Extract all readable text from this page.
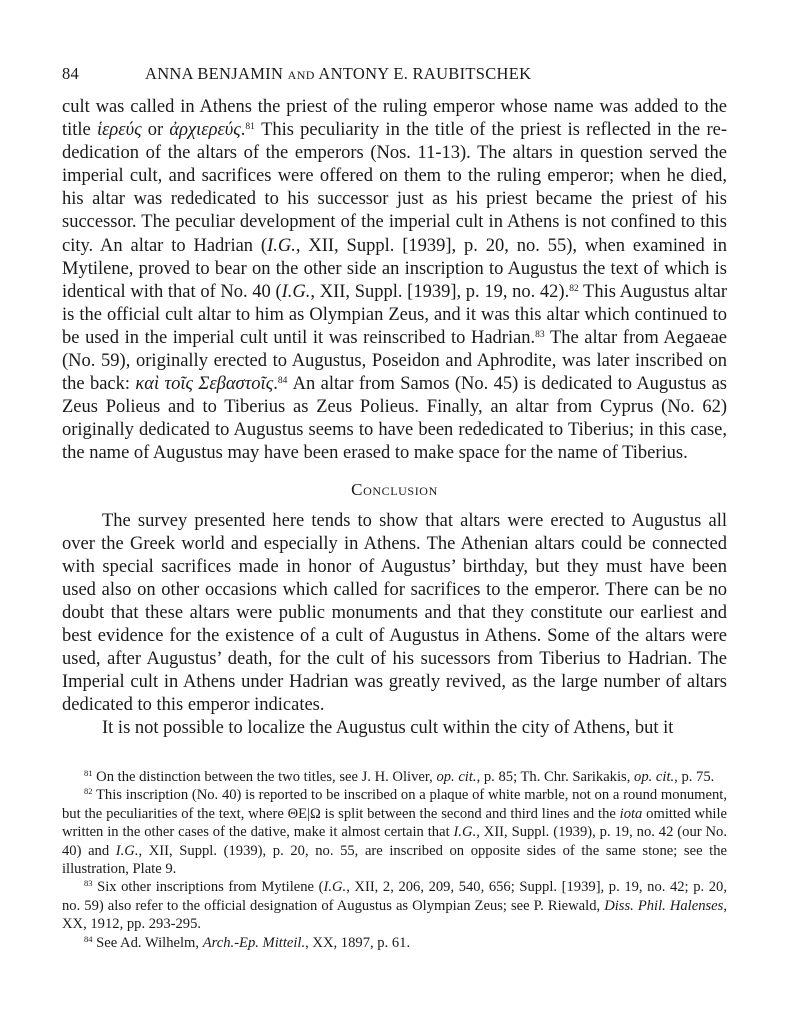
84	ANNA BENJAMIN AND ANTONY E. RAUBITSCHEK

cult was called in Athens the priest of the ruling emperor whose name was added to the title ἱερεύς or ἀρχιερεύς.$^{81}$ This peculiarity in the title of the priest is reflected in the re-dedication of the altars of the emperors (Nos. 11-13). The altars in question served the imperial cult, and sacrifices were offered on them to the ruling emperor; when he died, his altar was rededicated to his successor just as his priest became the priest of his successor. The peculiar development of the imperial cult in Athens is not confined to this city. An altar to Hadrian (I.G., XII, Suppl. [1939], p. 20, no. 55), when examined in Mytilene, proved to bear on the other side an inscription to Augustus the text of which is identical with that of No. 40 (I.G., XII, Suppl. [1939], p. 19, no. 42).$^{82}$ This Augustus altar is the official cult altar to him as Olympian Zeus, and it was this altar which continued to be used in the imperial cult until it was reinscribed to Hadrian.$^{83}$ The altar from Aegaeae (No. 59), originally erected to Augustus, Poseidon and Aphrodite, was later inscribed on the back: καὶ τοῖς Σεβαστοῖς.$^{84}$ An altar from Samos (No. 45) is dedicated to Augustus as Zeus Polieus and to Tiberius as Zeus Polieus. Finally, an altar from Cyprus (No. 62) originally dedicated to Augustus seems to have been rededicated to Tiberius; in this case, the name of Augustus may have been erased to make space for the name of Tiberius.

Conclusion

The survey presented here tends to show that altars were erected to Augustus all over the Greek world and especially in Athens. The Athenian altars could be connected with special sacrifices made in honor of Augustus’ birthday, but they must have been used also on other occasions which called for sacrifices to the emperor. There can be no doubt that these altars were public monuments and that they constitute our earliest and best evidence for the existence of a cult of Augustus in Athens. Some of the altars were used, after Augustus’ death, for the cult of his sucessors from Tiberius to Hadrian. The Imperial cult in Athens under Hadrian was greatly revived, as the large number of altars dedicated to this emperor indicates.

It is not possible to localize the Augustus cult within the city of Athens, but it

$^{81}$ On the distinction between the two titles, see J. H. Oliver, op. cit., p. 85; Th. Chr. Sarikakis, op. cit., p. 75.

$^{82}$ This inscription (No. 40) is reported to be inscribed on a plaque of white marble, not on a round monument, but the peculiarities of the text, where ΘΕ|Ω is split between the second and third lines and the iota omitted while written in the other cases of the dative, make it almost certain that I.G., XII, Suppl. (1939), p. 19, no. 42 (our No. 40) and I.G., XII, Suppl. (1939), p. 20, no. 55, are inscribed on opposite sides of the same stone; see the illustration, Plate 9.

$^{83}$ Six other inscriptions from Mytilene (I.G., XII, 2, 206, 209, 540, 656; Suppl. [1939], p. 19, no. 42; p. 20, no. 59) also refer to the official designation of Augustus as Olympian Zeus; see P. Riewald, Diss. Phil. Halenses, XX, 1912, pp. 293-295.

$^{84}$ See Ad. Wilhelm, Arch.-Ep. Mitteil., XX, 1897, p. 61.
